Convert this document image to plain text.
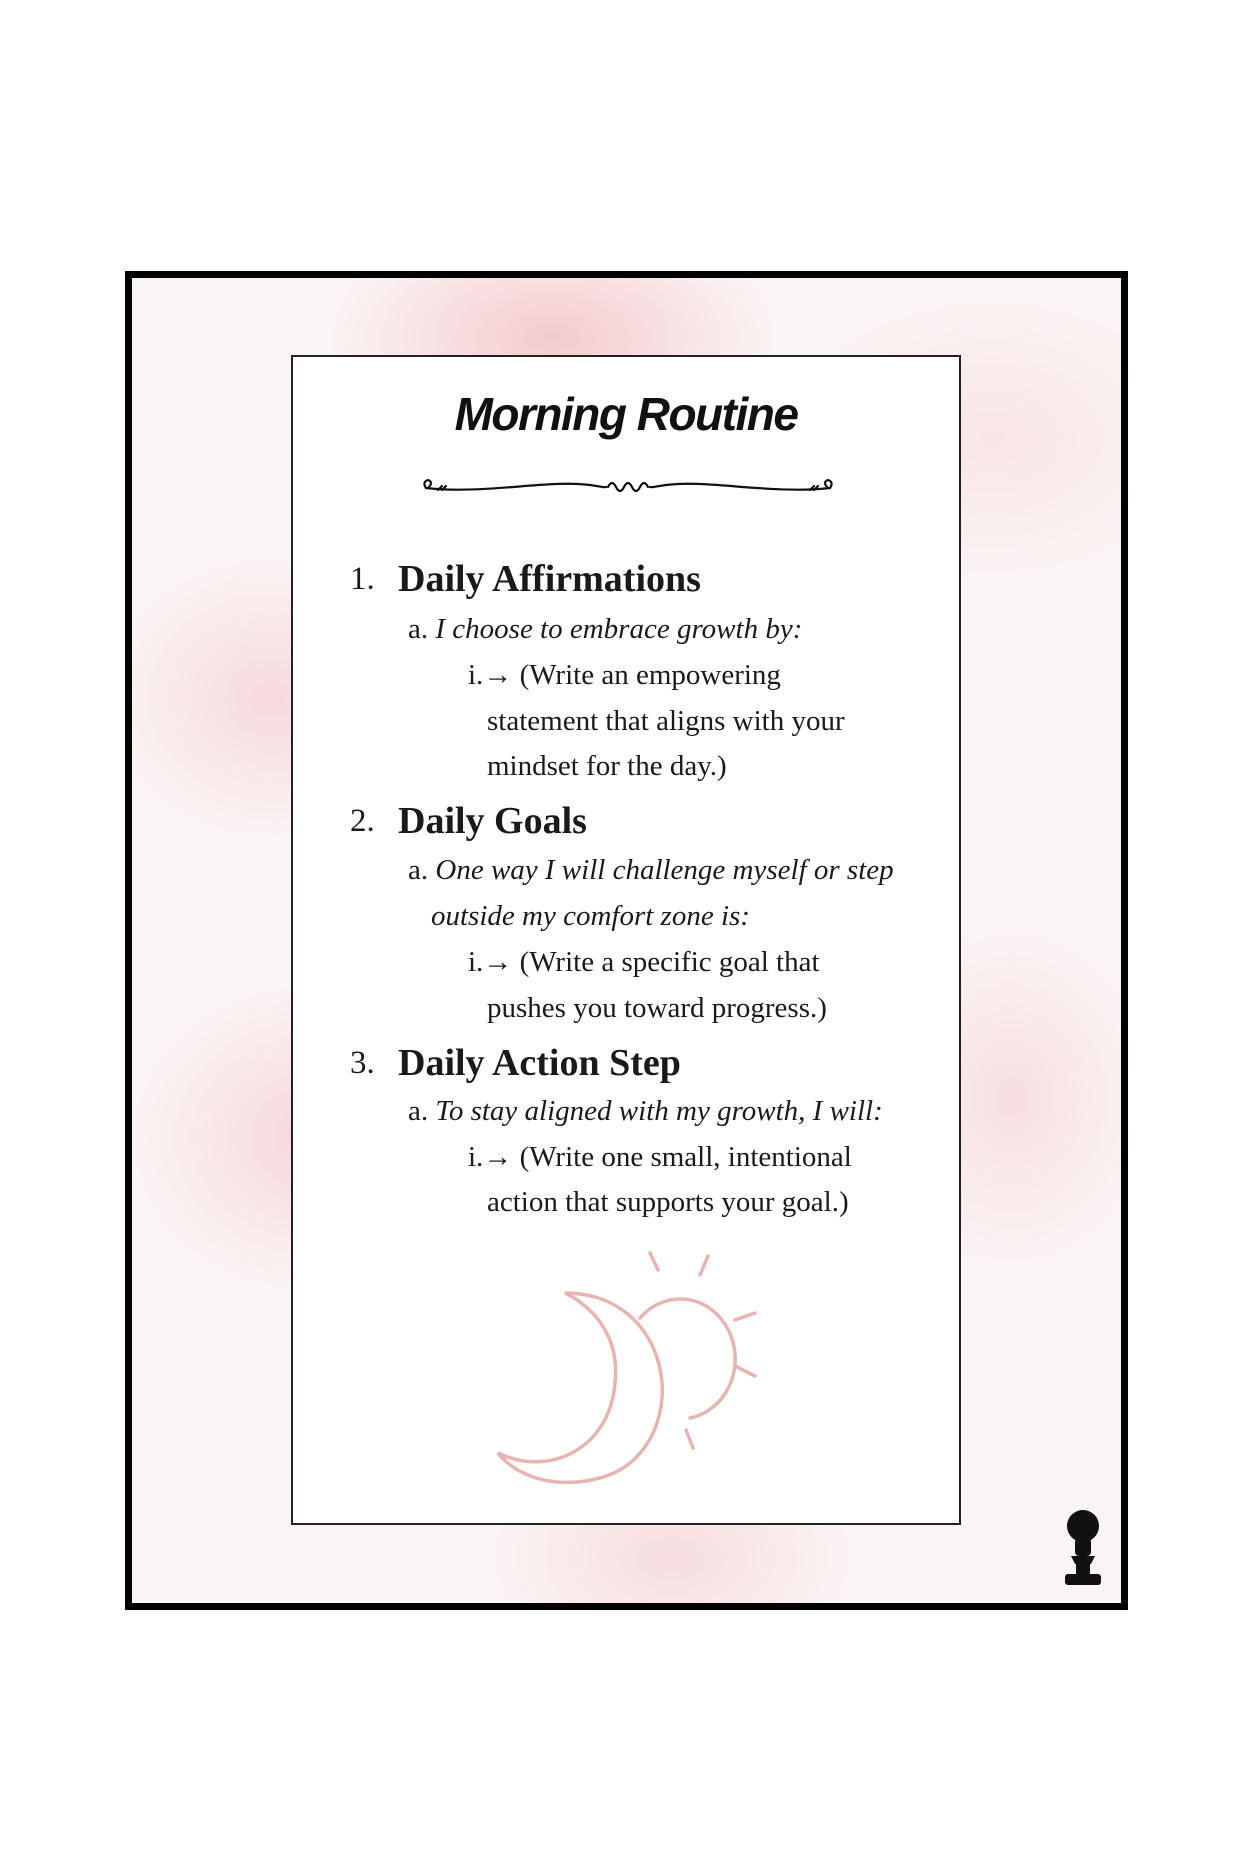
Morning Routine
1. Daily Affirmations
a. I choose to embrace growth by:
i.→ (Write an empowering
statement that aligns with your
mindset for the day.)
2. Daily Goals
a. One way I will challenge myself or step
outside my comfort zone is:
i.→ (Write a specific goal that
pushes you toward progress.)
3. Daily Action Step
a. To stay aligned with my growth, I will:
i.→ (Write one small, intentional
action that supports your goal.)
